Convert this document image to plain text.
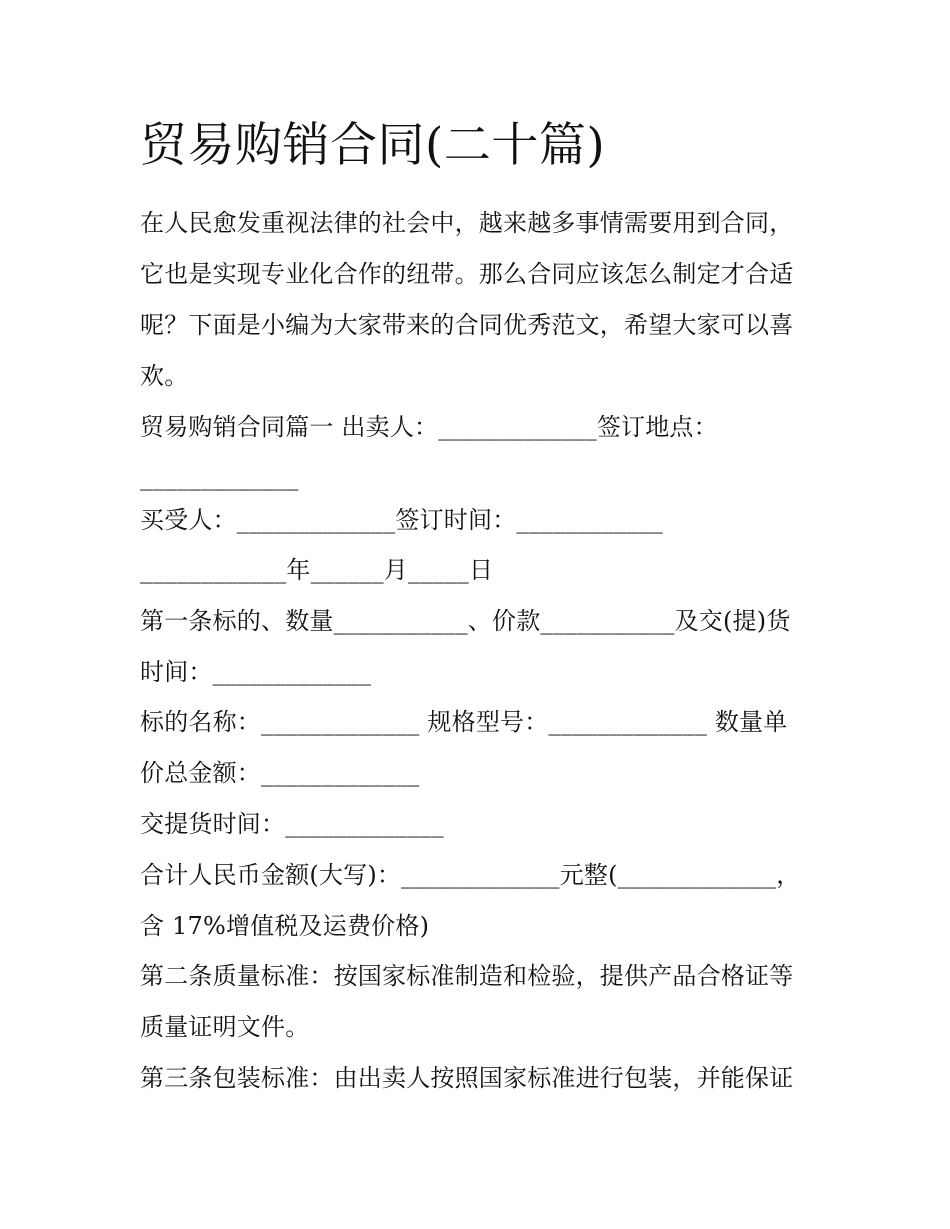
贸易购销合同(二十篇)
在人民愈发重视法律的社会中，越来越多事情需要用到合同，
它也是实现专业化合作的纽带。那么合同应该怎么制定才合适
呢？下面是小编为大家带来的合同优秀范文，希望大家可以喜
欢。
贸易购销合同篇一 出卖人：_____________签订地点：
_____________
买受人：_____________签订时间：____________
____________年______月_____日
第一条标的、数量___________、价款___________及交(提)货
时间：_____________
标的名称：_____________ 规格型号：_____________ 数量单
价总金额：_____________
交提货时间：_____________
合计人民币金额(大写)：_____________元整(_____________，
含 17%增值税及运费价格)
第二条质量标准：按国家标准制造和检验，提供产品合格证等
质量证明文件。
第三条包装标准：由出卖人按照国家标准进行包装，并能保证
